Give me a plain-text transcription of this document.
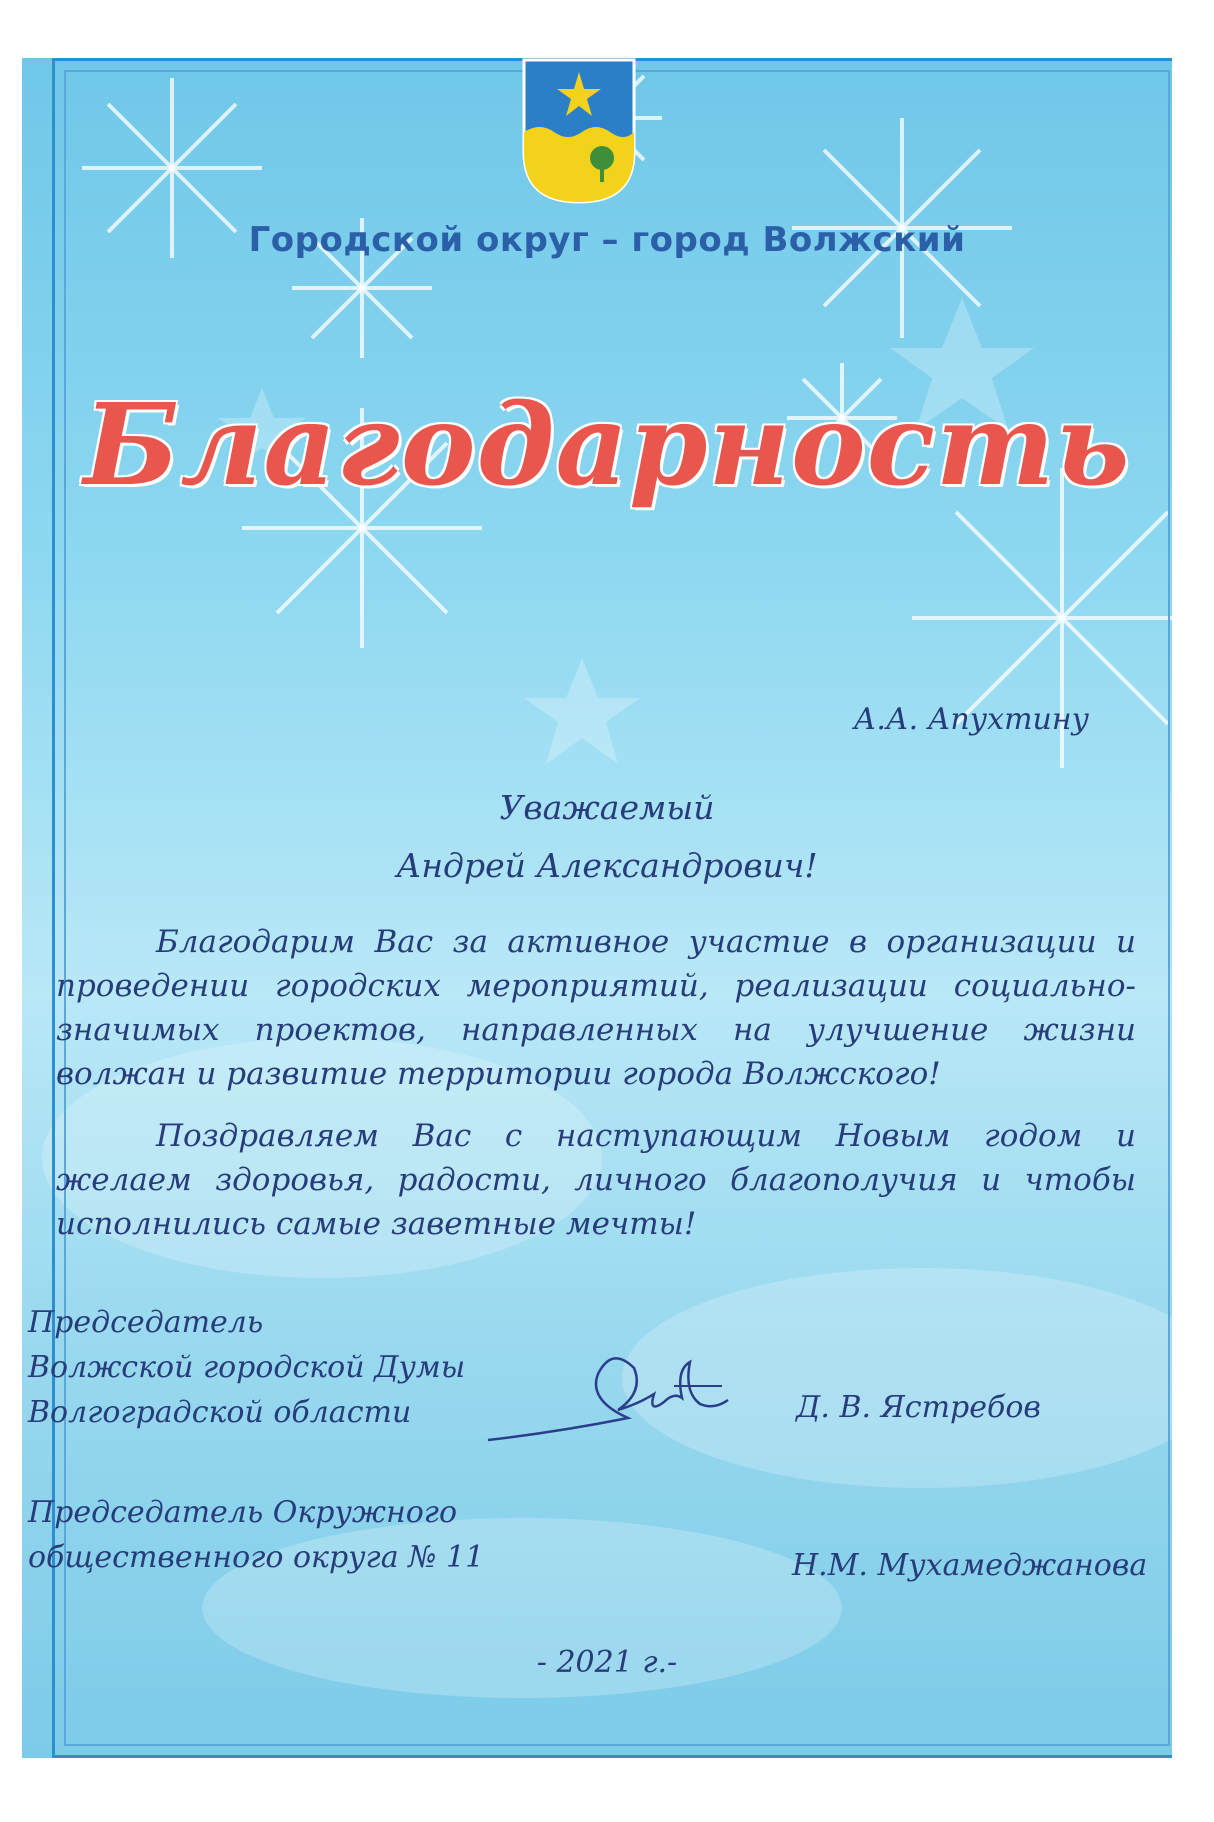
Городской округ – город Волжский
Благодарность
А.А. Апухтину
Уважаемый
Андрей Александрович!
Благодарим Вас за активное участие в организации и проведении городских мероприятий, реализации социально-значимых проектов, направленных на улучшение жизни волжан и развитие территории города Волжского!
Поздравляем Вас с наступающим Новым годом и желаем здоровья, радости, личного благополучия и чтобы исполнились самые заветные мечты!
Председатель
Волжской городской Думы
Волгоградской области	Д. В. Ястребов
Председатель Окружного
общественного округа № 11	Н.М. Мухамеджанова
- 2021 г.-
